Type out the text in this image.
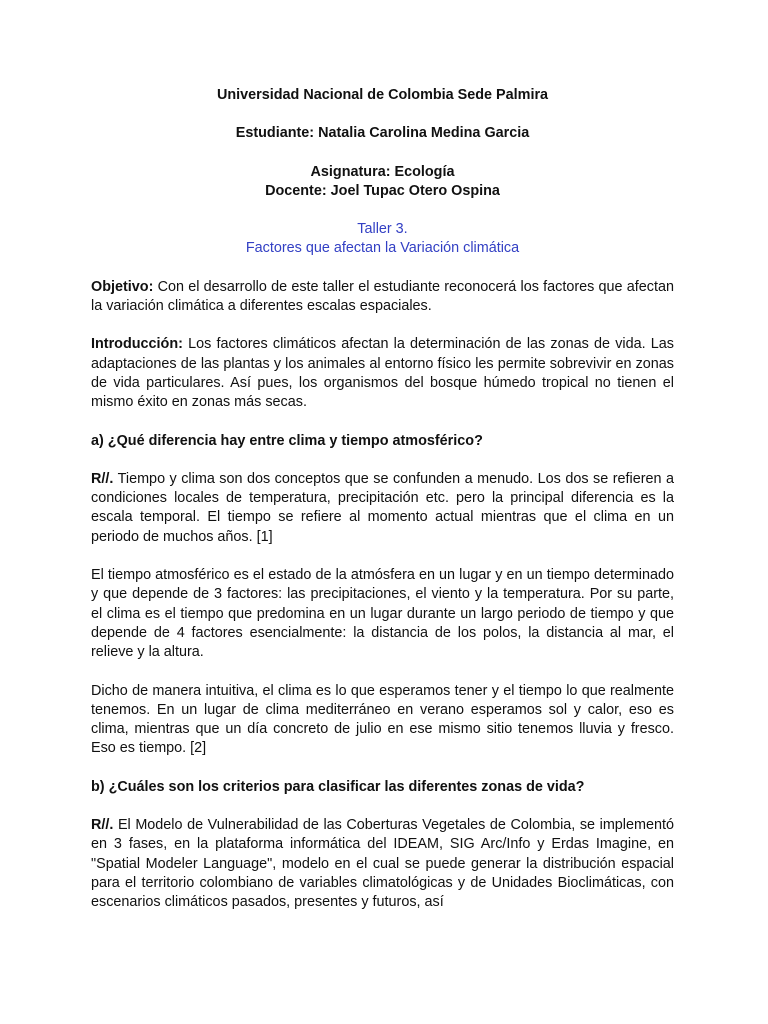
Universidad Nacional de Colombia Sede Palmira
Estudiante: Natalia Carolina Medina Garcia
Asignatura: Ecología
Docente: Joel Tupac Otero Ospina
Taller 3.
Factores que afectan la Variación climática

Objetivo: Con el desarrollo de este taller el estudiante reconocerá los factores que afectan la variación climática a diferentes escalas espaciales.

Introducción: Los factores climáticos afectan la determinación de las zonas de vida. Las adaptaciones de las plantas y los animales al entorno físico les permite sobrevivir en zonas de vida particulares. Así pues, los organismos del bosque húmedo tropical no tienen el mismo éxito en zonas más secas.

a) ¿Qué diferencia hay entre clima y tiempo atmosférico?

R//. Tiempo y clima son dos conceptos que se confunden a menudo. Los dos se refieren a condiciones locales de temperatura, precipitación etc. pero la principal diferencia es la escala temporal. El tiempo se refiere al momento actual mientras que el clima en un periodo de muchos años. [1]

El tiempo atmosférico es el estado de la atmósfera en un lugar y en un tiempo determinado y que depende de 3 factores: las precipitaciones, el viento y la temperatura. Por su parte, el clima es el tiempo que predomina en un lugar durante un largo periodo de tiempo y que depende de 4 factores esencialmente: la distancia de los polos, la distancia al mar, el relieve y la altura.

Dicho de manera intuitiva, el clima es lo que esperamos tener y el tiempo lo que realmente tenemos. En un lugar de clima mediterráneo en verano esperamos sol y calor, eso es clima, mientras que un día concreto de julio en ese mismo sitio tenemos lluvia y fresco. Eso es tiempo. [2]

b) ¿Cuáles son los criterios para clasificar las diferentes zonas de vida?

R//. El Modelo de Vulnerabilidad de las Coberturas Vegetales de Colombia, se implementó en 3 fases, en la plataforma informática del IDEAM, SIG Arc/Info y Erdas Imagine, en "Spatial Modeler Language", modelo en el cual se puede generar la distribución espacial para el territorio colombiano de variables climatológicas y de Unidades Bioclimáticas, con escenarios climáticos pasados, presentes y futuros, así
